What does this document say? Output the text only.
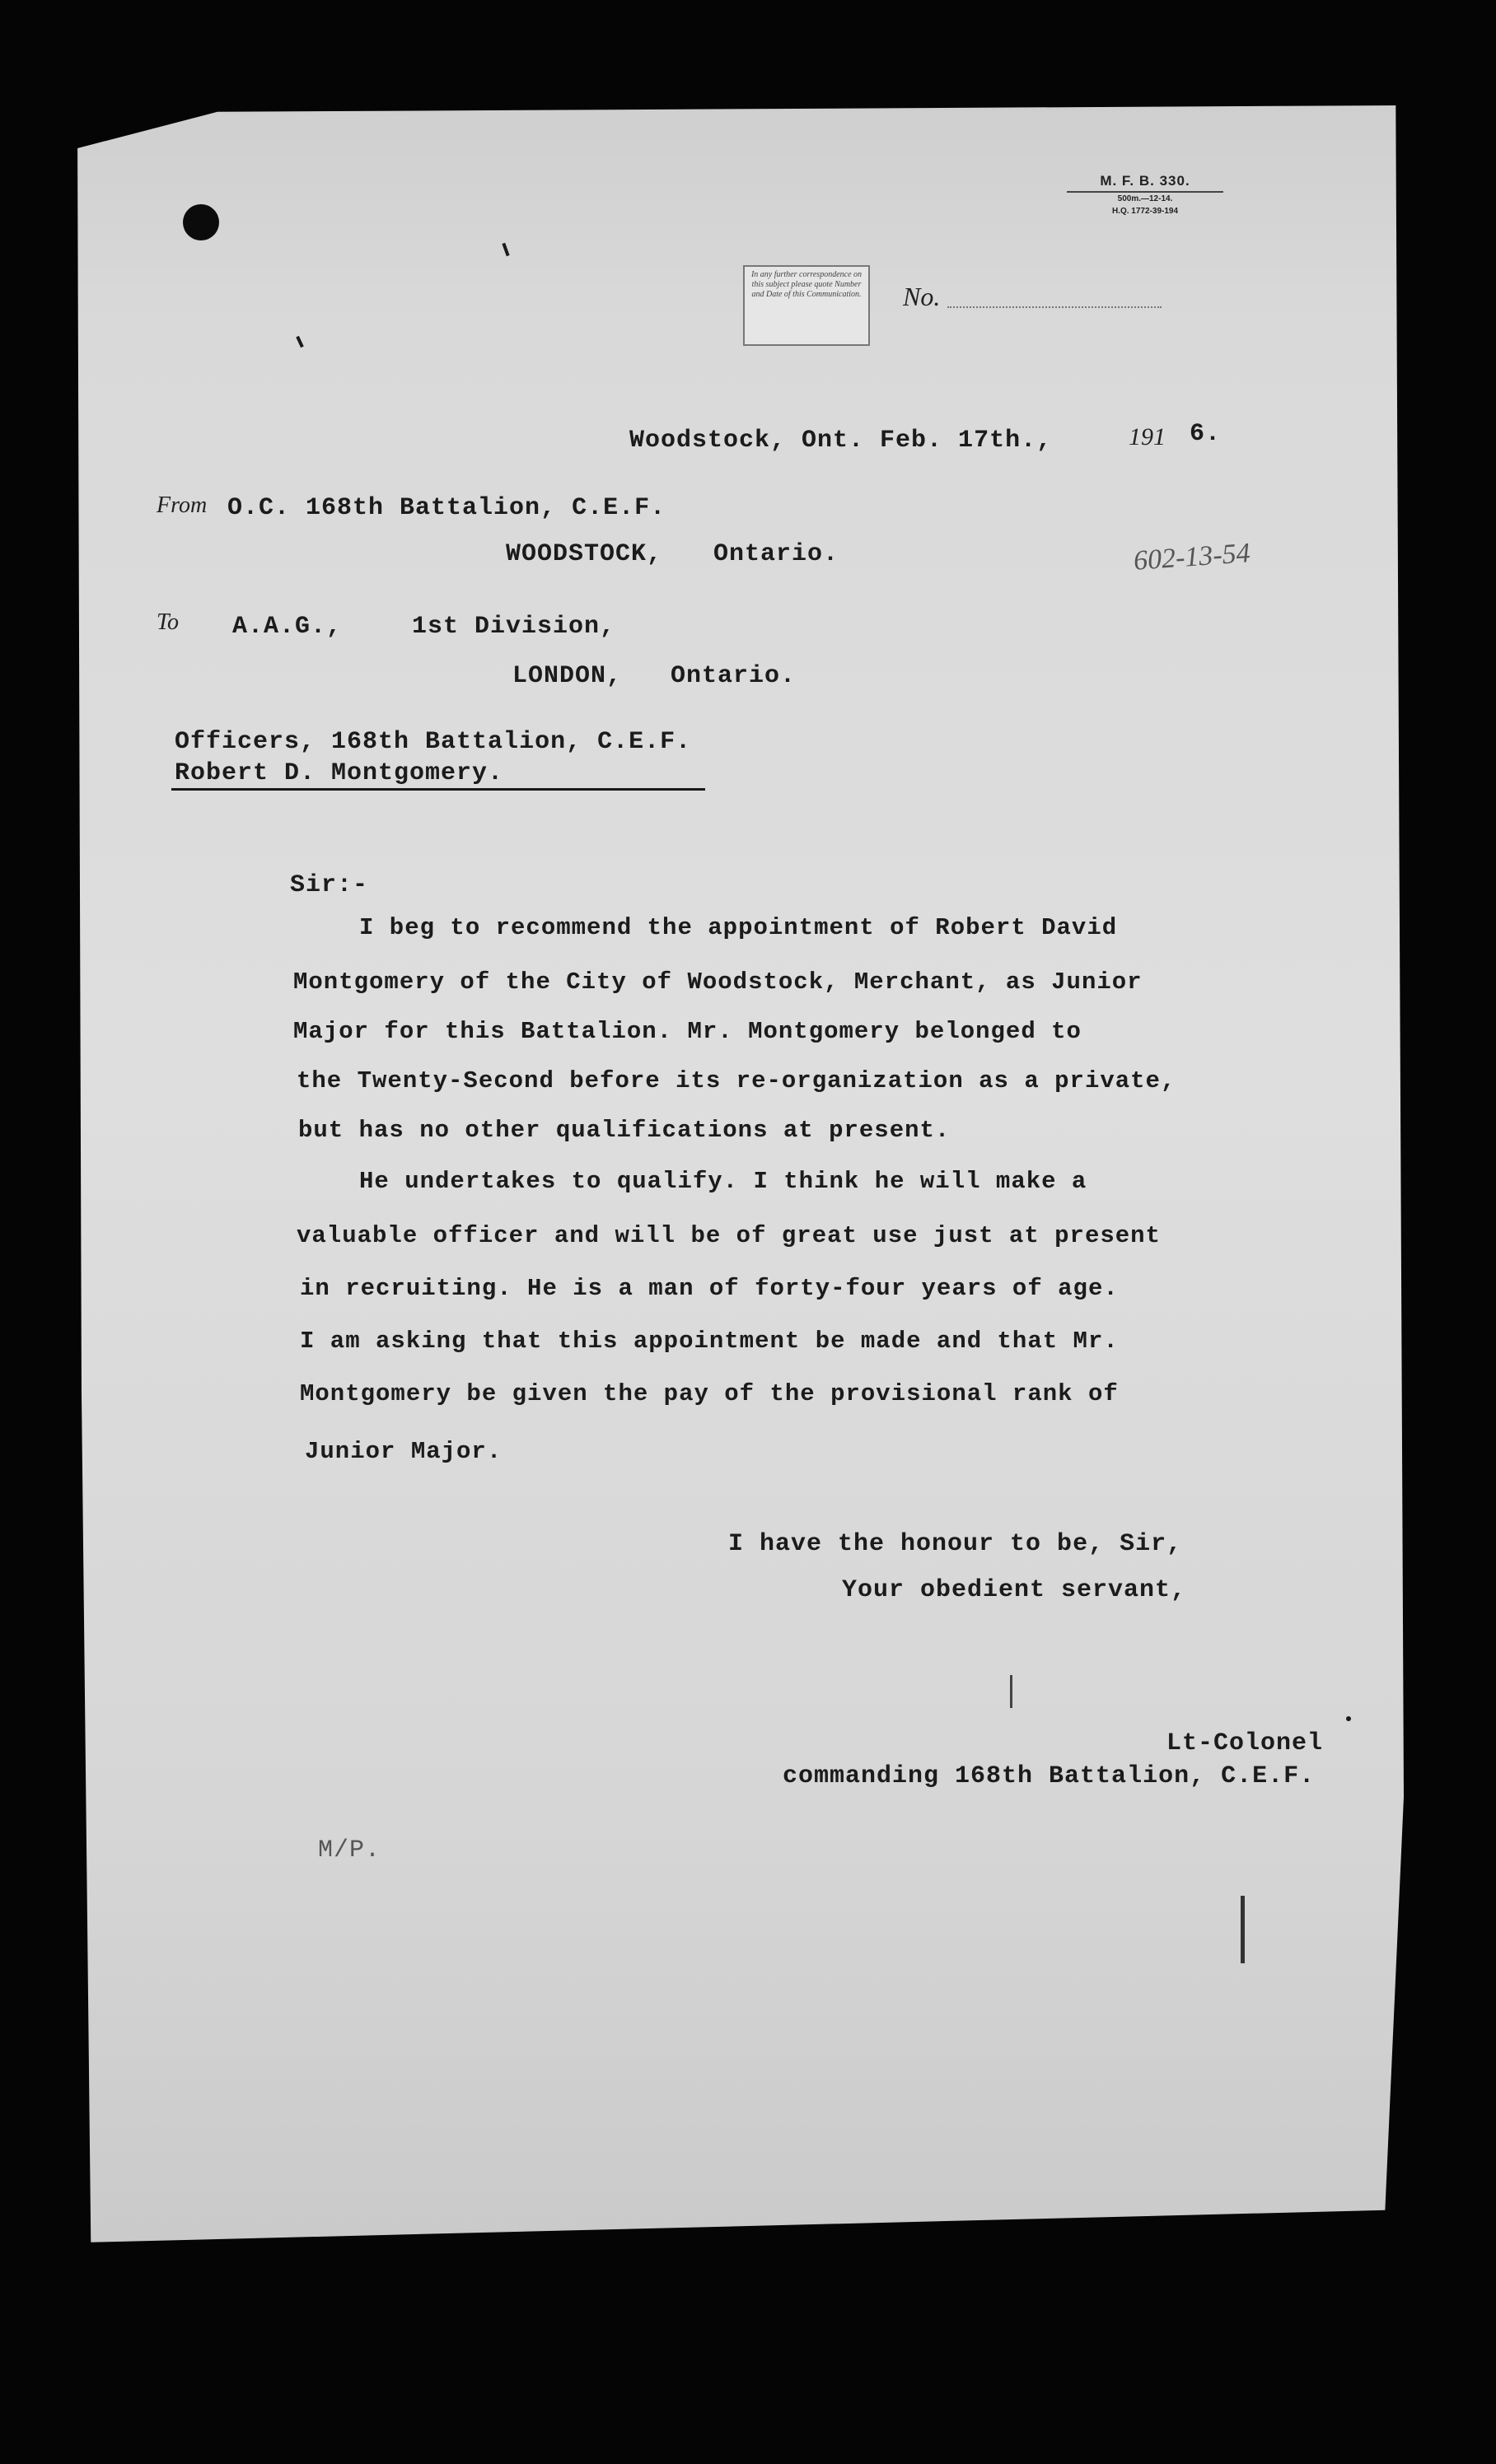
M. F. B. 330.
500m.—12-14.
H.Q. 1772-39-194
In any further correspondence on this subject please quote Number and Date of this Communication.	No.
Woodstock, Ont. Feb. 17th.,	191 6.
From O.C. 168th Battalion, C.E.F.
WOODSTOCK, Ontario.	602-13-54
To A.A.G.,	1st Division,
LONDON, Ontario.
Officers, 168th Battalion, C.E.F.
Robert D. Montgomery.
Sir:-
I beg to recommend the appointment of Robert David
Montgomery of the City of Woodstock, Merchant, as Junior
Major for this Battalion. Mr. Montgomery belonged to
the Twenty-Second before its re-organization as a private,
but has no other qualifications at present.
He undertakes to qualify. I think he will make a
valuable officer and will be of great use just at present
in recruiting. He is a man of forty-four years of age.
I am asking that this appointment be made and that Mr.
Montgomery be given the pay of the provisional rank of
Junior Major.
I have the honour to be, Sir,
Your obedient servant,
Lt-Colonel
commanding 168th Battalion, C.E.F.
M/P.
